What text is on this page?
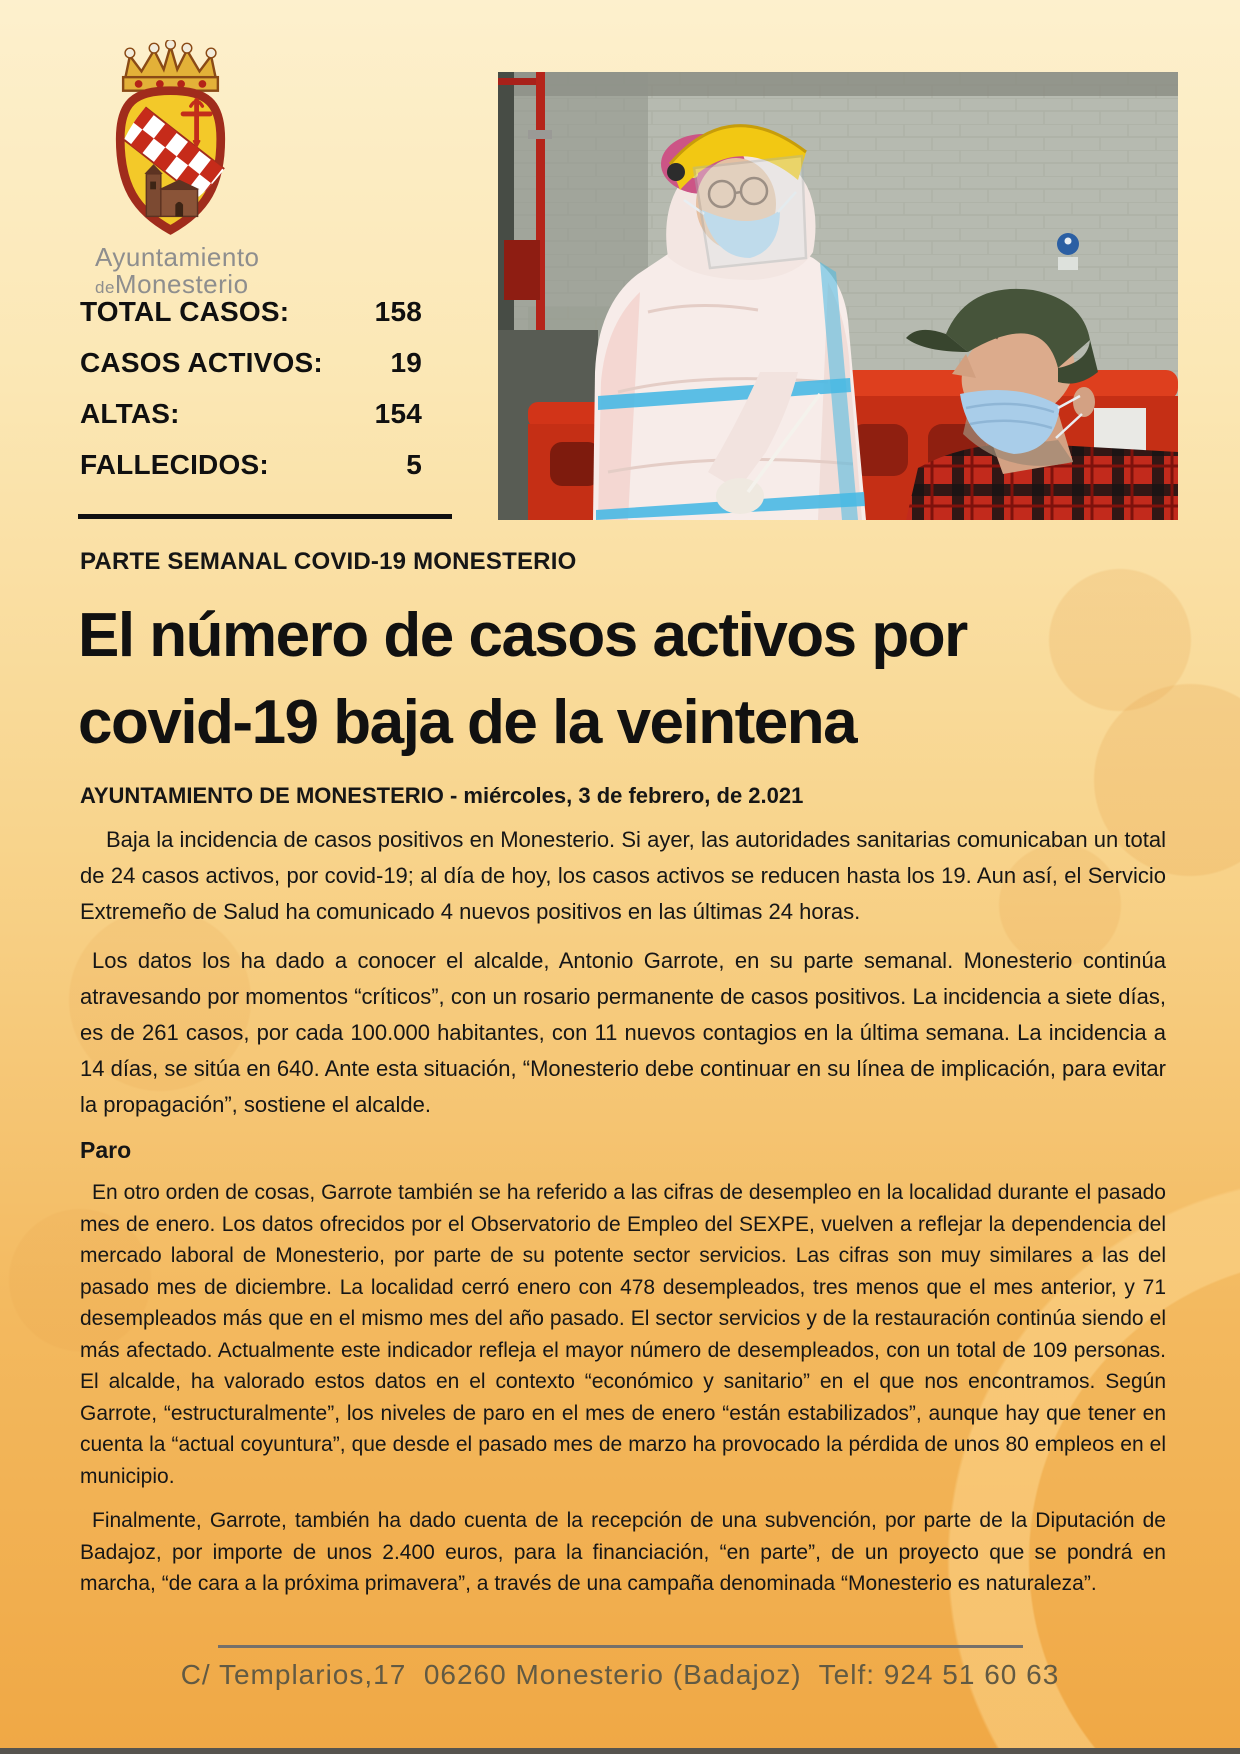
Ayuntamiento
deMonesterio
TOTAL CASOS:	158
CASOS ACTIVOS: 19
ALTAS:	154
FALLECIDOS:	5
PARTE SEMANAL COVID-19 MONESTERIO
El número de casos activos por
covid-19 baja de la veintena
AYUNTAMIENTO DE MONESTERIO - miércoles, 3 de febrero, de 2.021

Baja la incidencia de casos positivos en Monesterio. Si ayer, las autoridades sanitarias comunicaban un total de 24 casos activos, por covid-19; al día de hoy, los casos activos se reducen hasta los 19. Aun así, el Servicio Extremeño de Salud ha comunicado 4 nuevos positivos en las últimas 24 horas.

Los datos los ha dado a conocer el alcalde, Antonio Garrote, en su parte semanal. Monesterio continúa atravesando por momentos “críticos”, con un rosario permanente de casos positivos. La incidencia a siete días, es de 261 casos, por cada 100.000 habitantes, con 11 nuevos contagios en la última semana. La incidencia a 14 días, se sitúa en 640. Ante esta situación, “Monesterio debe continuar en su línea de implicación, para evitar la propagación”, sostiene el alcalde.

Paro

En otro orden de cosas, Garrote también se ha referido a las cifras de desempleo en la localidad durante el pasado mes de enero. Los datos ofrecidos por el Observatorio de Empleo del SEXPE, vuelven a reflejar la dependencia del mercado laboral de Monesterio, por parte de su potente sector servicios. Las cifras son muy similares a las del pasado mes de diciembre. La localidad cerró enero con 478 desempleados, tres menos que el mes anterior, y 71 desempleados más que en el mismo mes del año pasado. El sector servicios y de la restauración continúa siendo el más afectado. Actualmente este indicador refleja el mayor número de desempleados, con un total de 109 personas. El alcalde, ha valorado estos datos en el contexto “económico y sanitario” en el que nos encontramos. Según Garrote, “estructuralmente”, los niveles de paro en el mes de enero “están estabilizados”, aunque hay que tener en cuenta la “actual coyuntura”, que desde el pasado mes de marzo ha provocado la pérdida de unos 80 empleos en el municipio.

Finalmente, Garrote, también ha dado cuenta de la recepción de una subvención, por parte de la Diputación de Badajoz, por importe de unos 2.400 euros, para la financiación, “en parte”, de un proyecto que se pondrá en marcha, “de cara a la próxima primavera”, a través de una campaña denominada “Monesterio es naturaleza”.

C/ Templarios,17  06260 Monesterio (Badajoz)  Telf: 924 51 60 63
